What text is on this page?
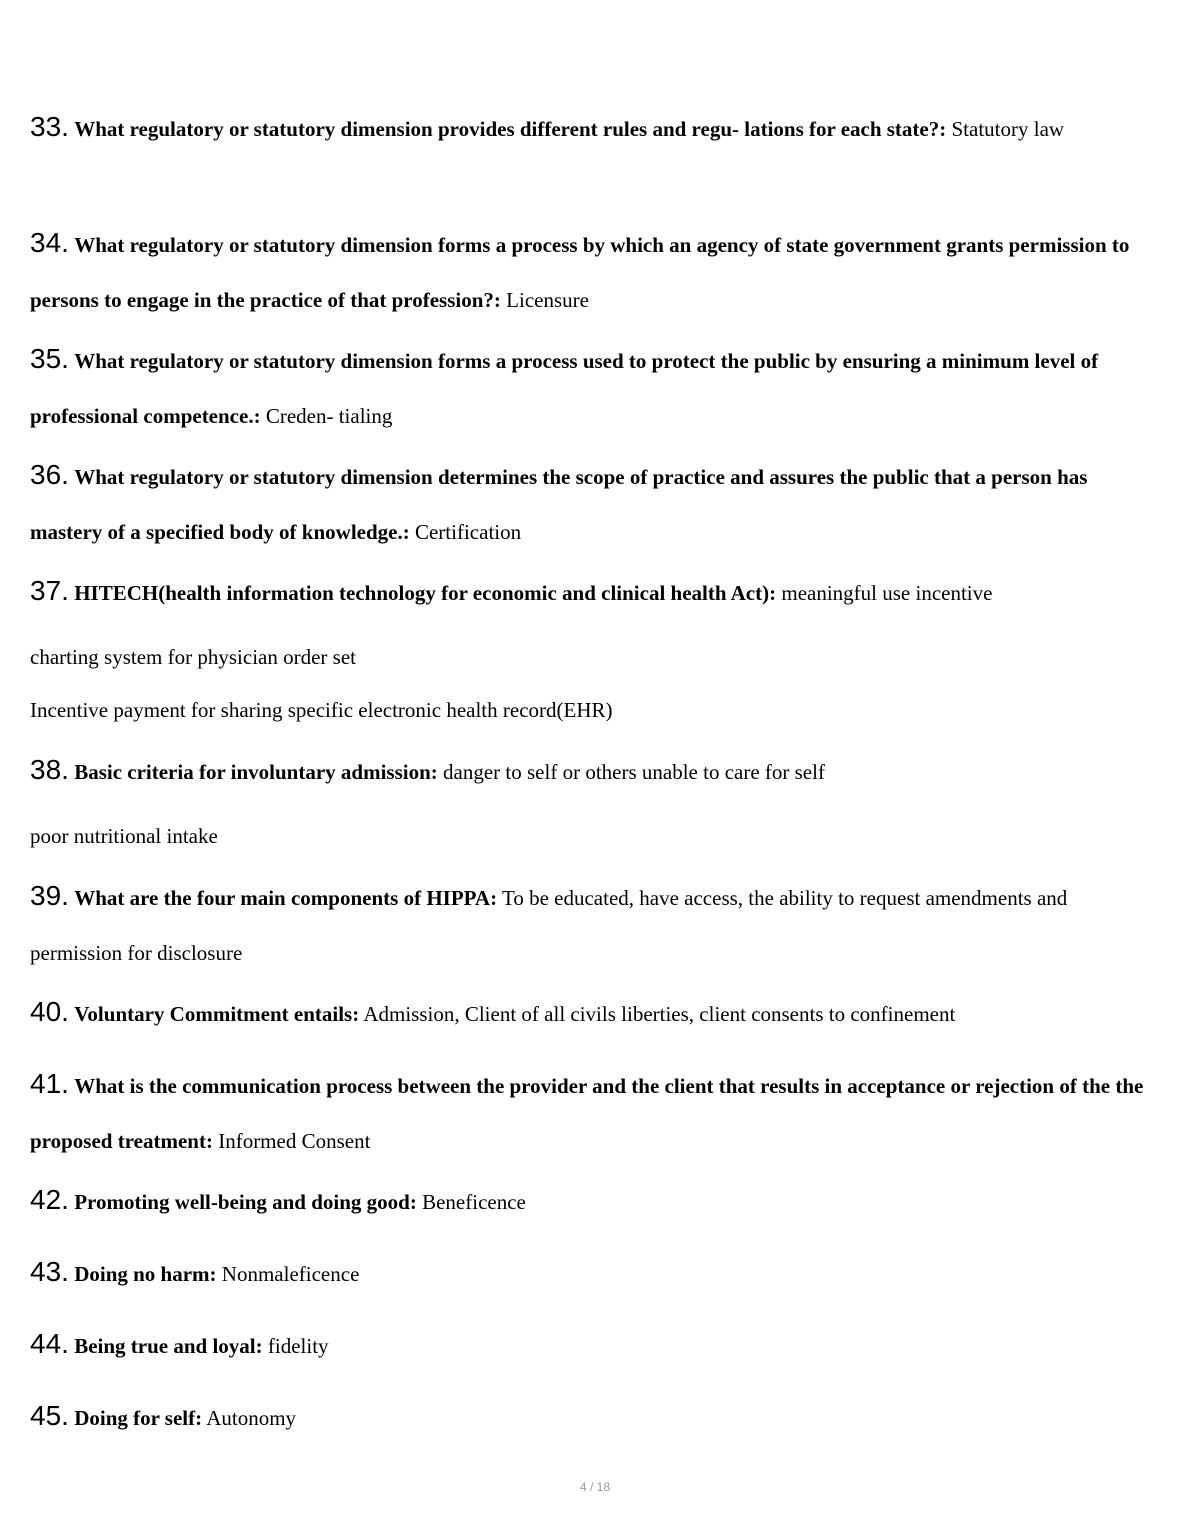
33. What regulatory or statutory dimension provides different rules and regu- lations for each state?: Statutory law
34. What regulatory or statutory dimension forms a process by which an agency of state government grants permission to persons to engage in the practice of that profession?: Licensure
35. What regulatory or statutory dimension forms a process used to protect the public by ensuring a minimum level of professional competence.: Creden- tialing
36. What regulatory or statutory dimension determines the scope of practice and assures the public that a person has mastery of a specified body of knowledge.: Certification
37. HITECH(health information technology for economic and clinical health Act): meaningful use incentive
charting system for physician order set
Incentive payment for sharing specific electronic health record(EHR)
38. Basic criteria for involuntary admission: danger to self or others unable to care for self
poor nutritional intake
39. What are the four main components of HIPPA: To be educated, have access, the ability to request amendments and permission for disclosure
40. Voluntary Commitment entails: Admission, Client of all civils liberties, client consents to confinement
41. What is the communication process between the provider and the client that results in acceptance or rejection of the the proposed treatment: Informed Consent
42. Promoting well-being and doing good: Beneficence
43. Doing no harm: Nonmaleficence
44. Being true and loyal: fidelity
45. Doing for self: Autonomy
4 / 18
